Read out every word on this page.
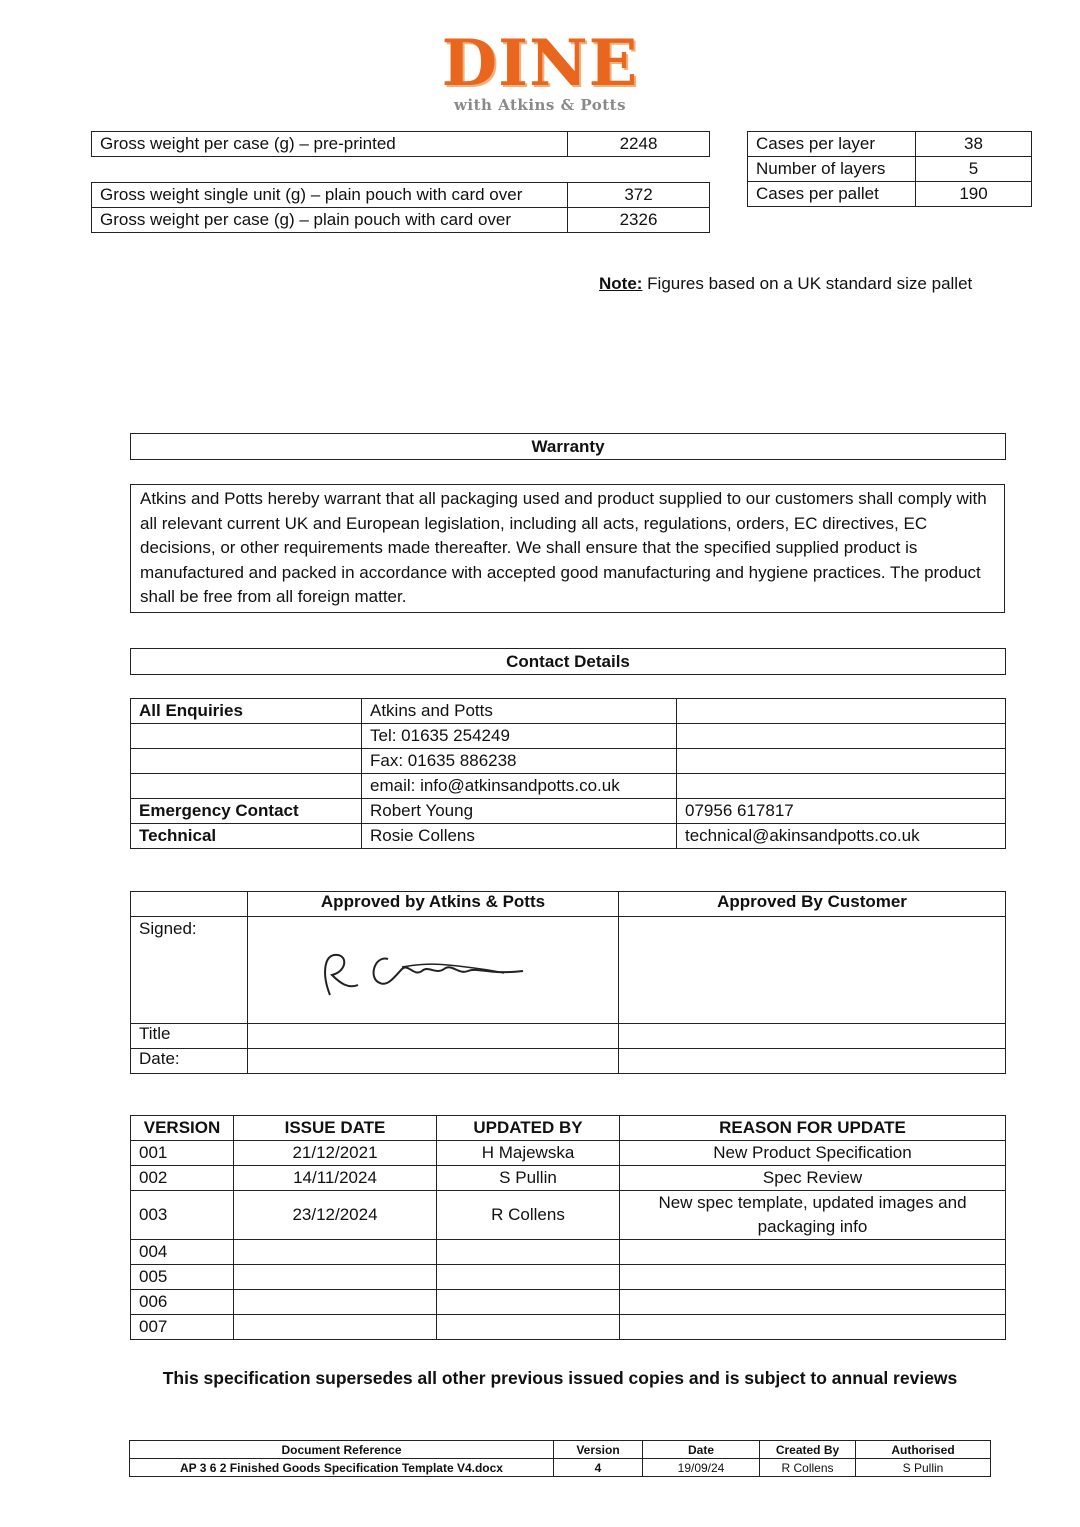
DINE
with Atkins & Potts
Gross weight per case (g) – pre-printed	2248
Gross weight single unit (g) – plain pouch with card over	372
Gross weight per case (g) – plain pouch with card over	2326
Cases per layer	38
Number of layers	5
Cases per pallet	190
Note: Figures based on a UK standard size pallet
Warranty
Atkins and Potts hereby warrant that all packaging used and product supplied to our customers shall comply with all relevant current UK and European legislation, including all acts, regulations, orders, EC directives, EC decisions, or other requirements made thereafter. We shall ensure that the specified supplied product is manufactured and packed in accordance with accepted good manufacturing and hygiene practices. The product shall be free from all foreign matter.
Contact Details
All Enquiries	Atkins and Potts	
	Tel: 01635 254249	
	Fax: 01635 886238	
	email: info@atkinsandpotts.co.uk	
Emergency Contact	Robert Young	07956 617817
Technical	Rosie Collens	technical@akinsandpotts.co.uk
	Approved by Atkins & Potts	Approved By Customer
Signed:		
Title		
Date:		
VERSION	ISSUE DATE	UPDATED BY	REASON FOR UPDATE
001	21/12/2021	H Majewska	New Product Specification
002	14/11/2024	S Pullin	Spec Review
003	23/12/2024	R Collens	New spec template, updated images and packaging info
004			
005			
006			
007			
This specification supersedes all other previous issued copies and is subject to annual reviews
Document Reference	Version	Date	Created By	Authorised
AP 3 6 2 Finished Goods Specification Template V4.docx	4	19/09/24	R Collens	S Pullin
